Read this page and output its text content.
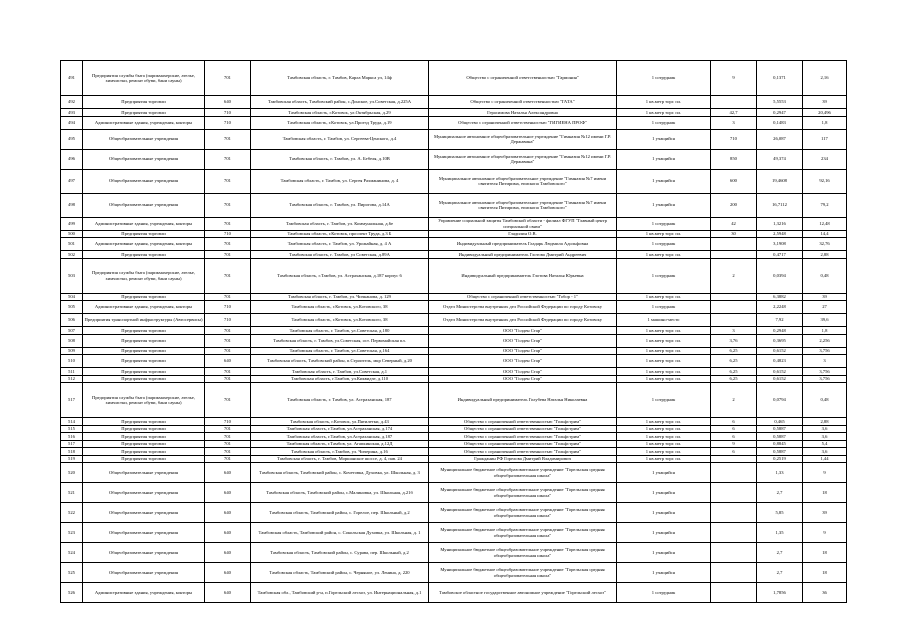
491	Предприятия службы быта (парикмахерские, ателье, химчистки, ремонт обуви, бани сауны)	701	Тамбовская область, г. Тамбов, Карла Маркса ул, 14ф	Общество с ограниченной ответственностью "Гармония"	1 сотрудник	9	0,1371	2,16
492	Предприятия торговли	640	Тамбовская область, Тамбовский район, с.Донское, ул.Советская, д.225А	Общество с ограниченной ответственностью "ГАТА"	1 кв.метр торг. пл.		5,5553	39
493	Предприятия торговли	710	Тамбовская область, г.Котовск, ул.Октябрьская, д.29	Герасимова Наталья Александровна	1 кв.метр торг. пл.	42,7	0,2947	20,496
494	Административные здания, учреждения, конторы	710	Тамбовская область, г.Котовск, ул.Проезд Труда, д.19	Общество с ограниченной ответственностью "ГИГИЕНА ПРОФ"	1 сотрудник	3	0,1483	1,8
495	Общеобразовательные учреждения	701	Тамбовская область, г. Тамбов, ул. Сергеева-Ценского, д.4	Муниципальное автономное общеобразовательное учреждение "Гимназия №12 имени Г.Р. Державина"	1 учащийся	710	26,087	117
496	Общеобразовательные учреждения	701	Тамбовская область, г. Тамбов, ул. А. Бебеля, д.10В	Муниципальное автономное общеобразовательное учреждение "Гимназия №12 имени Г.Р. Державина"	1 учащийся	850	49,374	234
497	Общеобразовательные учреждения	701	Тамбовская область, г. Тамбов, ул. Сергея Рахманинова, д. 4	Муниципальное автономное общеобразовательное учреждение "Гимназия №7 имени святителя Питирима, епископа Тамбовского"	1 учащийся	600	19,4608	92,16
498	Общеобразовательные учреждения	701	Тамбовская область, г. Тамбов, ул. Пирогова, д.14А	Муниципальное автономное общеобразовательное учреждение "Гимназия №7 имени святителя Питирима, епископа Тамбовского"	1 учащийся	200	16,7112	79,2
499	Административные здания, учреждения, конторы	701	Тамбовская область, г. Тамбов, ул. Коммунальная, д.6е	Управление социальной защиты Тамбовской области - филиал ФГУП "Главный центр специальной связи"	1 сотрудник	42	1,3216	12,48
500	Предприятия торговли	710	Тамбовская область, г.Котовск, проспект Труда, д.3 Б	Гладилин О.В.	1 кв.метр торг. пл.	30	2,5948	14,4
501	Административные здания, учреждения, конторы	701	Тамбовская область, г. Тамбов, ул. Урожайная, д. 4 А	Индивидуальный предприниматель Гладарь Людмила Адольфовна	1 сотрудник		3,1908	32,76
502	Предприятия торговли	701	Тамбовская область, г. Тамбов, ул Советская, д.89А	Индивидуальный предприниматель Глотова Дмитрий Андреевич	1 кв.метр торг. пл.		0,4717	2,88
503	Предприятия службы быта (парикмахерские, ателье, химчистки, ремонт обуви, бани сауны)	701	Тамбовская область, г.Тамбов, ул. Астраханская, д.187 корпус 6	Индивидуальный предприниматель Глотова Наталья Юрьевна	1 сотрудник	2	0,0394	0,48
504	Предприятия торговли	701	Тамбовская область, г. Тамбов, ул. Чичканова, д. 129	Общество с ограниченной ответственностью "Гобор - 1"	1 кв.метр торг. пл.		6,3882	39
505	Административные здания, учреждения, конторы	710	Тамбовская область, г.Котовск, ул.Котовского, 38	Отдел Министерства внутренних дел Российской Федерации по городу Котовску	1 сотрудник		2,2248	27
506	Предприятия транспортной инфраструктуры (Автосервисы)	710	Тамбовская область, г.Котовск, ул.Котовского, 38	Отдел Министерства внутренних дел Российской Федерации по городу Котовску	1 машино-место		7,92	39,6
507	Предприятия торговли	701	Тамбовская область, г. Тамбов, ул.Советская, д.180	ООО "Голден Стар"	1 кв.метр торг. пл.	3	0,2948	1,8
508	Предприятия торговли	701	Тамбовская область, г. Тамбов, ул.Советская, ост. Первомайская пл.	ООО "Голден Стар"	1 кв.метр торг. пл.	3,76	0,3695	2,256
509	Предприятия торговли	701	Тамбовская область, г. Тамбов, ул.Советская, д.164	ООО "Голден Стар"	1 кв.метр торг. пл.	6,25	0,6152	3,756
510	Предприятия торговли	640	Тамбовская область, Тамбовский район, п.Строитель, мкр Северный, д.20	ООО "Голден Стар"	1 кв.метр торг. пл.	6,25	0,4823	3
511	Предприятия торговли	701	Тамбовская область, г. Тамбов, ул.Советская, д.1	ООО "Голден Стар"	1 кв.метр торг. пл.	6,25	0,6152	3,756
512	Предприятия торговли	701	Тамбовская область, г.Тамбов, ул.Киквидзе, д.110	ООО "Голден Стар"	1 кв.метр торг. пл.	6,25	0,6152	3,756
517	Предприятия службы быта (парикмахерские, ателье, химчистки, ремонт обуви, бани сауны)	701	Тамбовская область, г. Тамбов, ул. Астраханская, 187	Индивидуальный предприниматель Голубева Наталья Николаевна	1 сотрудник	2	0,0794	0,48
514	Предприятия торговли	710	Тамбовская область, г.Котовск, ул.Пятилетки, д.43	Общество с ограниченной ответственностью "Гольфстрим"	1 кв.метр торг. пл.	6	0,465	2,88
515	Предприятия торговли	701	Тамбовская область, г.Тамбов, ул.Астраханская, д.174	Общество с ограниченной ответственностью "Гольфстрим"	1 кв.метр торг. пл.	6	0,5887	3,6
516	Предприятия торговли	701	Тамбовская область, г.Тамбов, ул.Астраханская, д.187	Общество с ограниченной ответственностью "Гольфстрим"	1 кв.метр торг. пл.	6	0,5887	3,6
517	Предприятия торговли	701	Тамбовская область, г.Тамбов, ул. Агапкинская, д.12Д	Общество с ограниченной ответственностью "Гольфстрим"	1 кв.метр торг. пл.	9	0,8845	5,4
518	Предприятия торговли	701	Тамбовская область, г.Тамбов, ул. Чичерина, д.16	Общество с ограниченной ответственностью "Гольфстрим"	1 кв.метр торг. пл.	6	0,5887	3,6
519	Предприятия торговли	701	Тамбовская область, г. Тамбов, Моршанское шоссе, д. 4, пав. 24	Гражданин РФ Горелова Дмитрий Владимирович	1 кв.метр торг. пл.		0,2519	1,44
520	Общеобразовательные учреждения	640	Тамбовская область, Тамбовский район, с. Кочетовка, Духовка, ул. Школьная, д. 3	Муниципальное бюджетное общеобразовательное учреждение "Горельская средняя общеобразовательная школа"	1 учащийся		1,33	9
521	Общеобразовательные учреждения	640	Тамбовская область, Тамбовский район, с.Малиновка, ул. Школьная, д.21б	Муниципальное бюджетное общеобразовательное учреждение "Горельская средняя общеобразовательная школа"	1 учащийся		2,7	18
522	Общеобразовательные учреждения	640	Тамбовская область, Тамбовский район, с. Горелое, пер. Школьный, д.2	Муниципальное бюджетное общеобразовательное учреждение "Горельская средняя общеобразовательная школа"	1 учащийся		5,85	39
523	Общеобразовательные учреждения	640	Тамбовская область, Тамбовский район, с. Сокольская Духовка, ул. Школьная, д. 1	Муниципальное бюджетное общеобразовательное учреждение "Горельская средняя общеобразовательная школа"	1 учащийся		1,35	9
524	Общеобразовательные учреждения	640	Тамбовская область, Тамбовский район, с. Сурава, пер. Школьный, д.2	Муниципальное бюджетное общеобразовательное учреждение "Горельская средняя общеобразовательная школа"	1 учащийся		2,7	18
525	Общеобразовательные учреждения	640	Тамбовская область, Тамбовский район, с. Черняное, ул. Ленина, д. 220	Муниципальное бюджетное общеобразовательное учреждение "Горельская средняя общеобразовательная школа"	1 учащийся		2,7	18
526	Административные здания, учреждения, конторы	640	Тамбовская обл., Тамбовский р-н, п.Горельский лесхоз, ул. Интернациональная, д.1	Тамбовское областное государственное автономное учреждение "Горельский лесхоз"	1 сотрудник		1,7856	36
